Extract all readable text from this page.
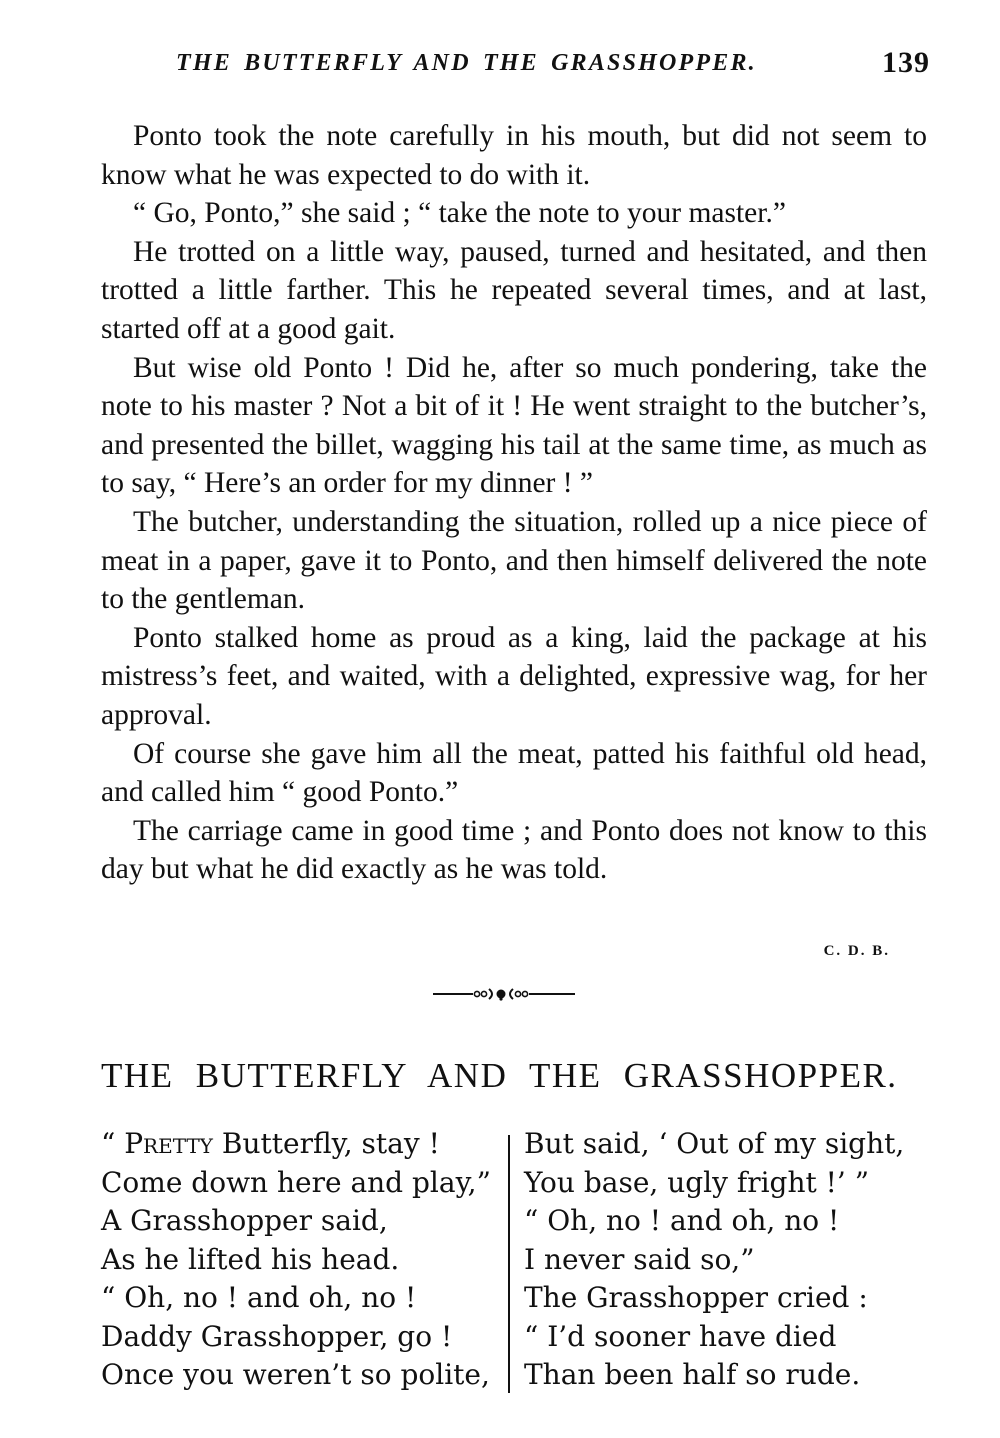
THE BUTTERFLY AND THE GRASSHOPPER.	139

Ponto took the note carefully in his mouth, but did not seem to know what he was expected to do with it.

“ Go, Ponto,” she said ; “ take the note to your master.”

He trotted on a little way, paused, turned and hesitated, and then trotted a little farther. This he repeated several times, and at last, started off at a good gait.

But wise old Ponto ! Did he, after so much pondering, take the note to his master ? Not a bit of it ! He went straight to the butcher’s, and presented the billet, wagging his tail at the same time, as much as to say, “ Here’s an order for my dinner ! ”

The butcher, understanding the situation, rolled up a nice piece of meat in a paper, gave it to Ponto, and then himself delivered the note to the gentleman.

Ponto stalked home as proud as a king, laid the package at his mistress’s feet, and waited, with a delighted, expressive wag, for her approval.

Of course she gave him all the meat, patted his faithful old head, and called him “ good Ponto.”

The carriage came in good time ; and Ponto does not know to this day but what he did exactly as he was told.

C. D. B.
THE BUTTERFLY AND THE GRASSHOPPER.
“ Pretty Butterfly, stay !
Come down here and play,”
A Grasshopper said,
As he lifted his head.
“ Oh, no ! and oh, no !
Daddy Grasshopper, go !
Once you weren’t so polite,
But said, ‘ Out of my sight,
You base, ugly fright !’ ”
“ Oh, no ! and oh, no !
I never said so,”
The Grasshopper cried :
“ I’d sooner have died
Than been half so rude.
